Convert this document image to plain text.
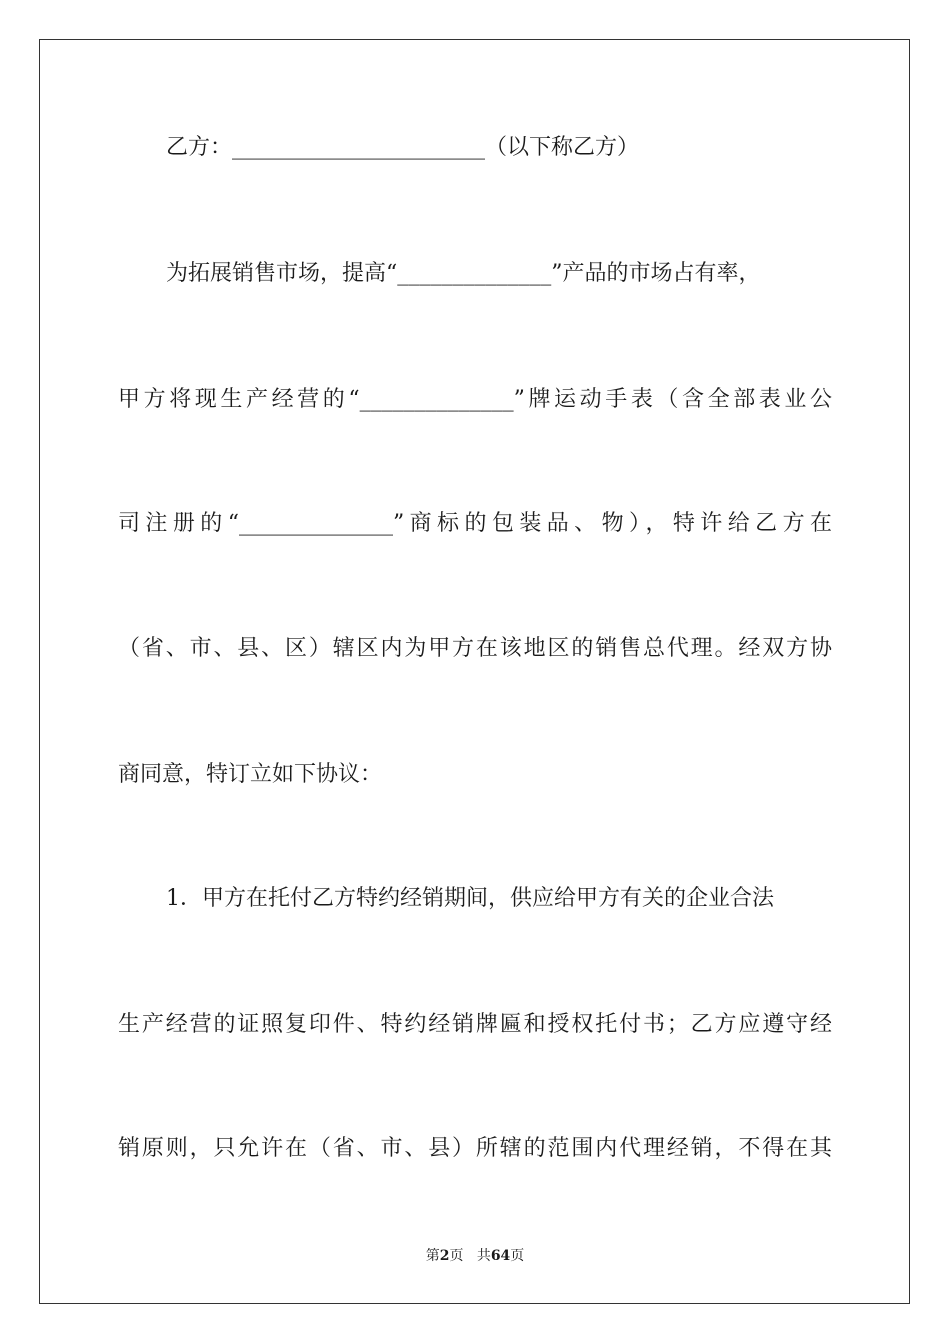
乙方：_______________________（以下称乙方）
为拓展销售市场，提高“______________”产品的市场占有率，
甲方将现生产经营的“______________”牌运动手表（含全部表业公
司注册的“______________”商标的包装品、物），特许给乙方在
（省、市、县、区）辖区内为甲方在该地区的销售总代理。经双方协
商同意，特订立如下协议：
1．甲方在托付乙方特约经销期间，供应给甲方有关的企业合法
生产经营的证照复印件、特约经销牌匾和授权托付书；乙方应遵守经
销原则，只允许在（省、市、县）所辖的范围内代理经销，不得在其
第2页 共64页
